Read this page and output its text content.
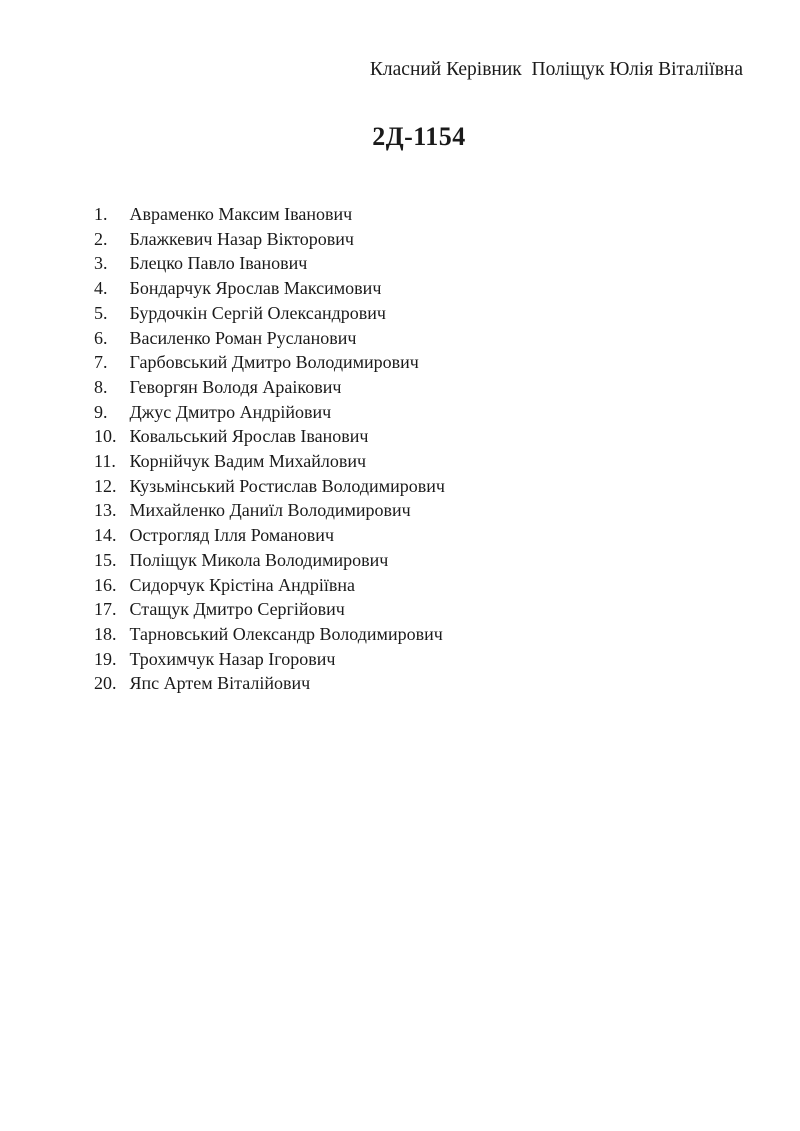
Класний Керівник  Поліщук Юлія Віталіївна
2Д-1154
1. Авраменко Максим Іванович
2. Блажкевич Назар Вікторович
3. Блецко Павло Іванович
4. Бондарчук Ярослав Максимович
5. Бурдочкін Сергій Олександрович
6. Василенко Роман Русланович
7. Гарбовський Дмитро Володимирович
8. Геворгян Володя Араікович
9. Джус Дмитро Андрійович
10. Ковальський Ярослав Іванович
11. Корнійчук Вадим Михайлович
12. Кузьмінський Ростислав Володимирович
13. Михайленко Даниїл Володимирович
14. Острогляд Ілля Романович
15. Поліщук Микола Володимирович
16. Сидорчук Крістіна Андріївна
17. Стащук Дмитро Сергійович
18. Тарновський Олександр Володимирович
19. Трохимчук Назар Ігорович
20. Япс Артем Віталійович
